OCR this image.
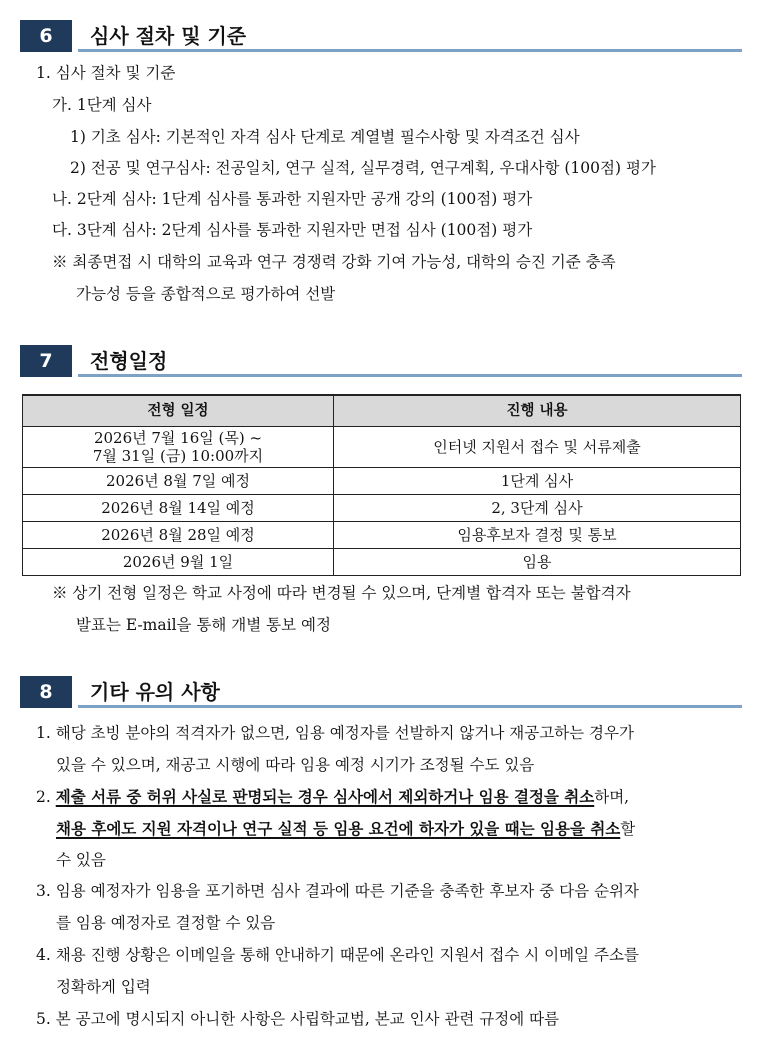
6	심사 절차 및 기준
1. 심사 절차 및 기준
가. 1단계 심사
1) 기초 심사: 기본적인 자격 심사 단계로 계열별 필수사항 및 자격조건 심사
2) 전공 및 연구심사: 전공일치, 연구 실적, 실무경력, 연구계획, 우대사항 (100점) 평가
나. 2단계 심사: 1단계 심사를 통과한 지원자만 공개 강의 (100점) 평가
다. 3단계 심사: 2단계 심사를 통과한 지원자만 면접 심사 (100점) 평가
※ 최종면접 시 대학의 교육과 연구 경쟁력 강화 기여 가능성, 대학의 승진 기준 충족
가능성 등을 종합적으로 평가하여 선발
7	전형일정
전형 일정	진행 내용

2026년 7월 16일 (목) ~
7월 31일 (금) 10:00까지	인터넷 지원서 접수 및 서류제출
2026년 8월 7일 예정	1단계 심사
2026년 8월 14일 예정	2, 3단계 심사
2026년 8월 28일 예정	임용후보자 결정 및 통보
2026년 9월 1일	임용
※ 상기 전형 일정은 학교 사정에 따라 변경될 수 있으며, 단계별 합격자 또는 불합격자
발표는 E-mail을 통해 개별 통보 예정
8	기타 유의 사항
1. 해당 초빙 분야의 적격자가 없으면, 임용 예정자를 선발하지 않거나 재공고하는 경우가
있을 수 있으며, 재공고 시행에 따라 임용 예정 시기가 조정될 수도 있음
2. 제출 서류 중 허위 사실로 판명되는 경우 심사에서 제외하거나 임용 결정을 취소하며,
채용 후에도 지원 자격이나 연구 실적 등 임용 요건에 하자가 있을 때는 임용을 취소할
수 있음
3. 임용 예정자가 임용을 포기하면 심사 결과에 따른 기준을 충족한 후보자 중 다음 순위자
를 임용 예정자로 결정할 수 있음
4. 채용 진행 상황은 이메일을 통해 안내하기 때문에 온라인 지원서 접수 시 이메일 주소를
정확하게 입력
5. 본 공고에 명시되지 아니한 사항은 사립학교법, 본교 인사 관련 규정에 따름
